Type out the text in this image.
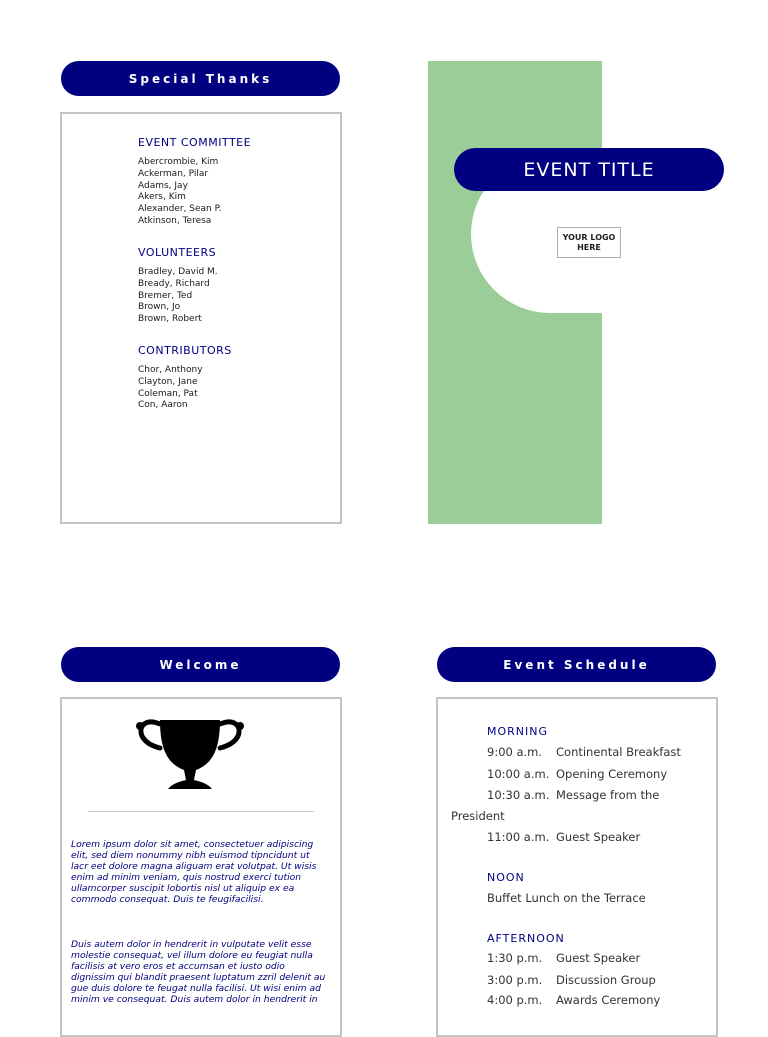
Special Thanks
EVENT COMMITTEE
Abercrombie, Kim
Ackerman, Pilar
Adams, Jay
Akers, Kim
Alexander, Sean P.
Atkinson, Teresa
VOLUNTEERS
Bradley, David M.
Bready, Richard
Bremer, Ted
Brown, Jo
Brown, Robert
CONTRIBUTORS
Chor, Anthony
Clayton, Jane
Coleman, Pat
Con, Aaron
EVENT TITLE
YOUR LOGO
HERE
Welcome
Lorem ipsum dolor sit amet, consectetuer adipiscing elit, sed diem nonummy nibh euismod tipncidunt ut lacr eet dolore magna aliguam erat volutpat. Ut wisis enim ad minim veniam, quis nostrud exerci tution ullamcorper suscipit lobortis nisl ut aliquip ex ea commodo consequat. Duis te feugifacilisi.
Duis autem dolor in hendrerit in vulputate velit esse molestie consequat, vel illum dolore eu feugiat nulla facilisis at vero eros et accumsan et iusto odio dignissim qui blandit praesent luptatum zzril delenit au gue duis dolore te feugat nulla facilisi. Ut wisi enim ad minim ve consequat. Duis autem dolor in hendrerit in
Event Schedule
MORNING
9:00 a.m. Continental Breakfast
10:00 a.m. Opening Ceremony
10:30 a.m. Message from the
President
11:00 a.m. Guest Speaker
NOON
Buffet Lunch on the Terrace
AFTERNOON
1:30 p.m. Guest Speaker
3:00 p.m. Discussion Group
4:00 p.m. Awards Ceremony
